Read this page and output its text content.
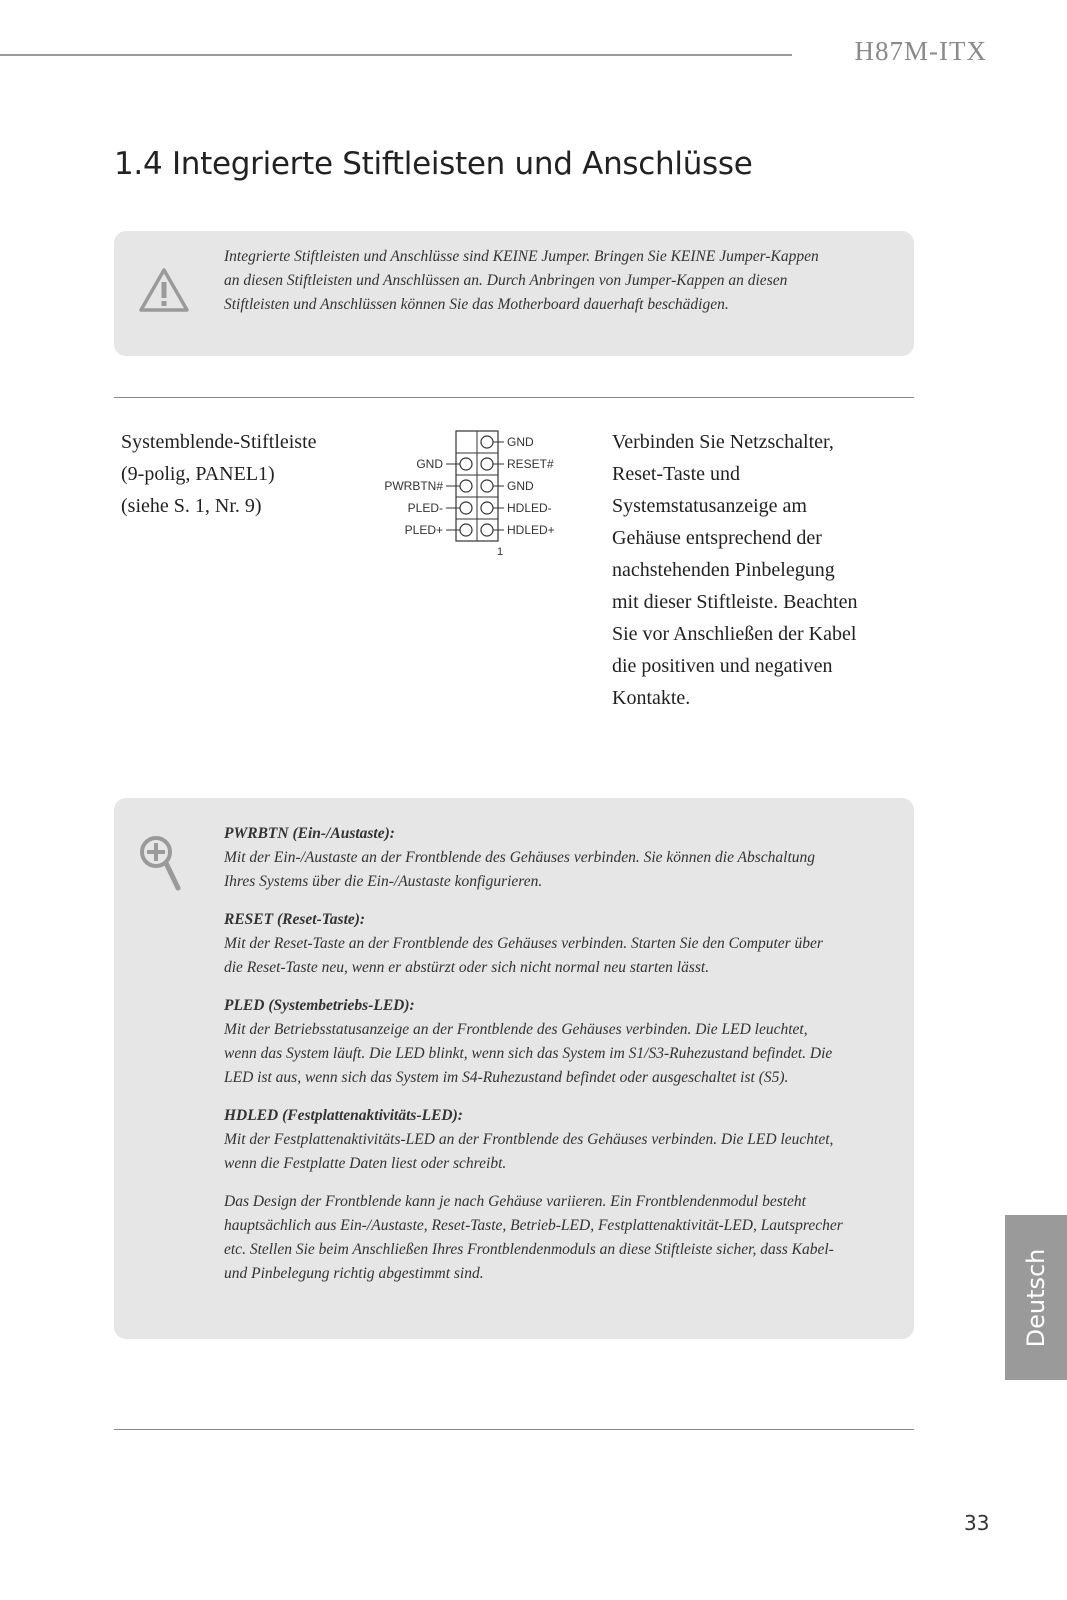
H87M-ITX
1.4 Integrierte Stiftleisten und Anschlüsse

Integrierte Stiftleisten und Anschlüsse sind KEINE Jumper. Bringen Sie KEINE Jumper-Kappen an diesen Stiftleisten und Anschlüssen an. Durch Anbringen von Jumper-Kappen an diesen Stiftleisten und Anschlüssen können Sie das Motherboard dauerhaft beschädigen.

Systemblende-Stiftleiste
(9-polig, PANEL1)
(siehe S. 1, Nr. 9)
GND
PWRBTN#
PLED-
PLED+
GND
RESET#
GND
HDLED-
HDLED+
1

Verbinden Sie Netzschalter, Reset-Taste und Systemstatusanzeige am Gehäuse entsprechend der nachstehenden Pinbelegung mit dieser Stiftleiste. Beachten Sie vor Anschließen der Kabel die positiven und negativen Kontakte.

PWRBTN (Ein-/Austaste):
Mit der Ein-/Austaste an der Frontblende des Gehäuses verbinden. Sie können die Abschaltung Ihres Systems über die Ein-/Austaste konfigurieren.
RESET (Reset-Taste):
Mit der Reset-Taste an der Frontblende des Gehäuses verbinden. Starten Sie den Computer über die Reset-Taste neu, wenn er abstürzt oder sich nicht normal neu starten lässt.
PLED (Systembetriebs-LED):
Mit der Betriebsstatusanzeige an der Frontblende des Gehäuses verbinden. Die LED leuchtet, wenn das System läuft. Die LED blinkt, wenn sich das System im S1/S3-Ruhezustand befindet. Die LED ist aus, wenn sich das System im S4-Ruhezustand befindet oder ausgeschaltet ist (S5).
HDLED (Festplattenaktivitäts-LED):
Mit der Festplattenaktivitäts-LED an der Frontblende des Gehäuses verbinden. Die LED leuchtet, wenn die Festplatte Daten liest oder schreibt.
Das Design der Frontblende kann je nach Gehäuse variieren. Ein Frontblendenmodul besteht hauptsächlich aus Ein-/Austaste, Reset-Taste, Betrieb-LED, Festplattenaktivität-LED, Lautsprecher etc. Stellen Sie beim Anschließen Ihres Frontblendenmoduls an diese Stiftleiste sicher, dass Kabel- und Pinbelegung richtig abgestimmt sind.	Deutsch
33
